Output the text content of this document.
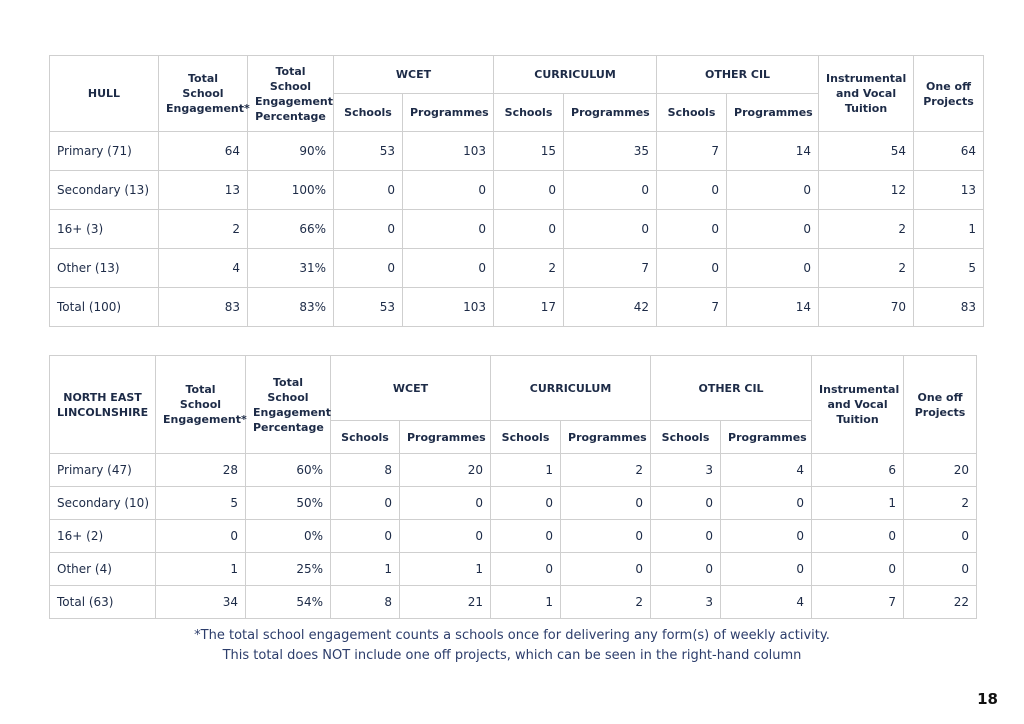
HULL	Total School Engagement*	Total School Engagement Percentage	WCET		CURRICULUM		OTHER CIL		Instrumental and Vocal Tuition	One off Projects
			Schools	Programmes	Schools	Programmes	Schools	Programmes		
Primary (71)	64	90%	53	103	15	35	7	14	54	64
Secondary (13)	13	100%	0	0	0	0	0	0	12	13
16+ (3)	2	66%	0	0	0	0	0	0	2	1
Other (13)	4	31%	0	0	2	7	0	0	2	5
Total (100)	83	83%	53	103	17	42	7	14	70	83
NORTH EAST LINCOLNSHIRE	Total School Engagement*	Total School Engagement Percentage	WCET		CURRICULUM		OTHER CIL		Instrumental and Vocal Tuition	One off Projects
			Schools	Programmes	Schools	Programmes	Schools	Programmes		
Primary (47)	28	60%	8	20	1	2	3	4	6	20
Secondary (10)	5	50%	0	0	0	0	0	0	1	2
16+ (2)	0	0%	0	0	0	0	0	0	0	0
Other (4)	1	25%	1	1	0	0	0	0	0	0
Total (63)	34	54%	8	21	1	2	3	4	7	22
*The total school engagement counts a schools once for delivering any form(s) of weekly activity.
This total does NOT include one off projects, which can be seen in the right-hand column
18
